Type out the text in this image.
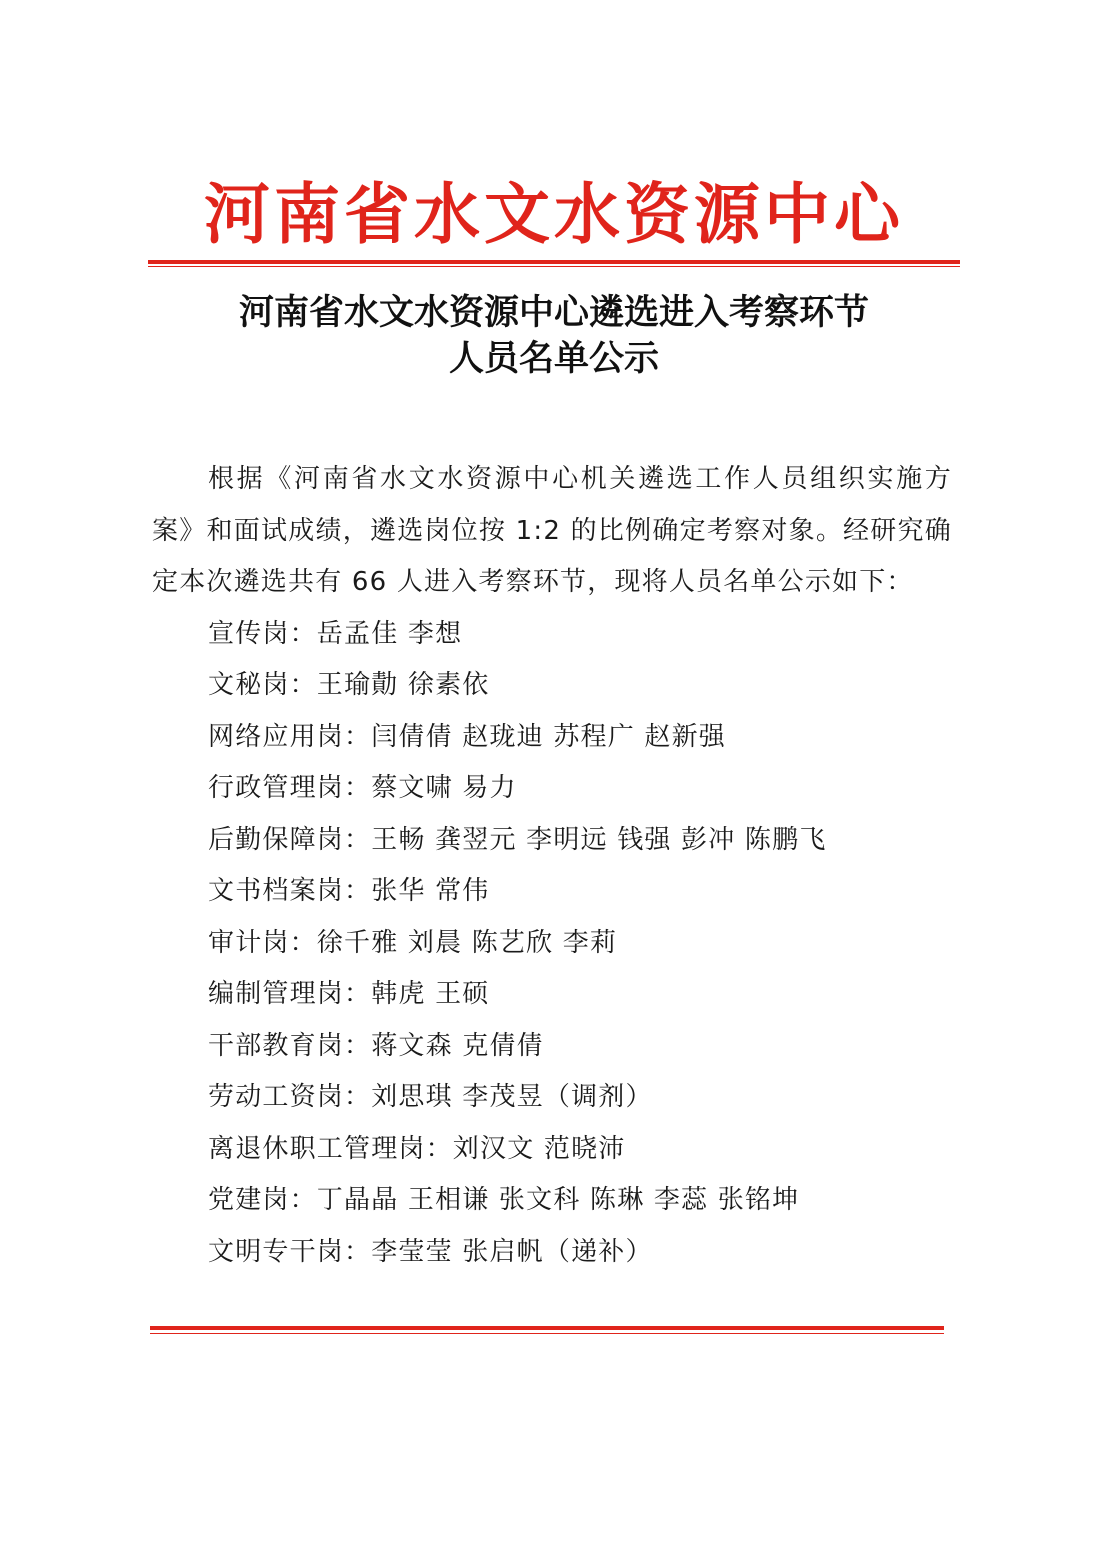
河南省水文水资源中心
河南省水文水资源中心遴选进入考察环节
人员名单公示

根据《河南省水文水资源中心机关遴选工作人员组织实施方案》和面试成绩，遴选岗位按 1:2 的比例确定考察对象。经研究确定本次遴选共有 66 人进入考察环节，现将人员名单公示如下：

宣传岗：岳孟佳 李想
文秘岗：王瑜勣 徐素依
网络应用岗：闫倩倩 赵珑迪 苏程广 赵新强
行政管理岗：蔡文啸 易力
后勤保障岗：王畅 龚翌元 李明远 钱强 彭冲 陈鹏飞
文书档案岗：张华 常伟
审计岗：徐千雅 刘晨 陈艺欣 李莉
编制管理岗：韩虎 王硕
干部教育岗：蒋文森 克倩倩
劳动工资岗：刘思琪 李茂昱（调剂）
离退休职工管理岗：刘汉文 范晓沛
党建岗：丁晶晶 王相谦 张文科 陈琳 李蕊 张铭坤
文明专干岗：李莹莹 张启帆（递补）
